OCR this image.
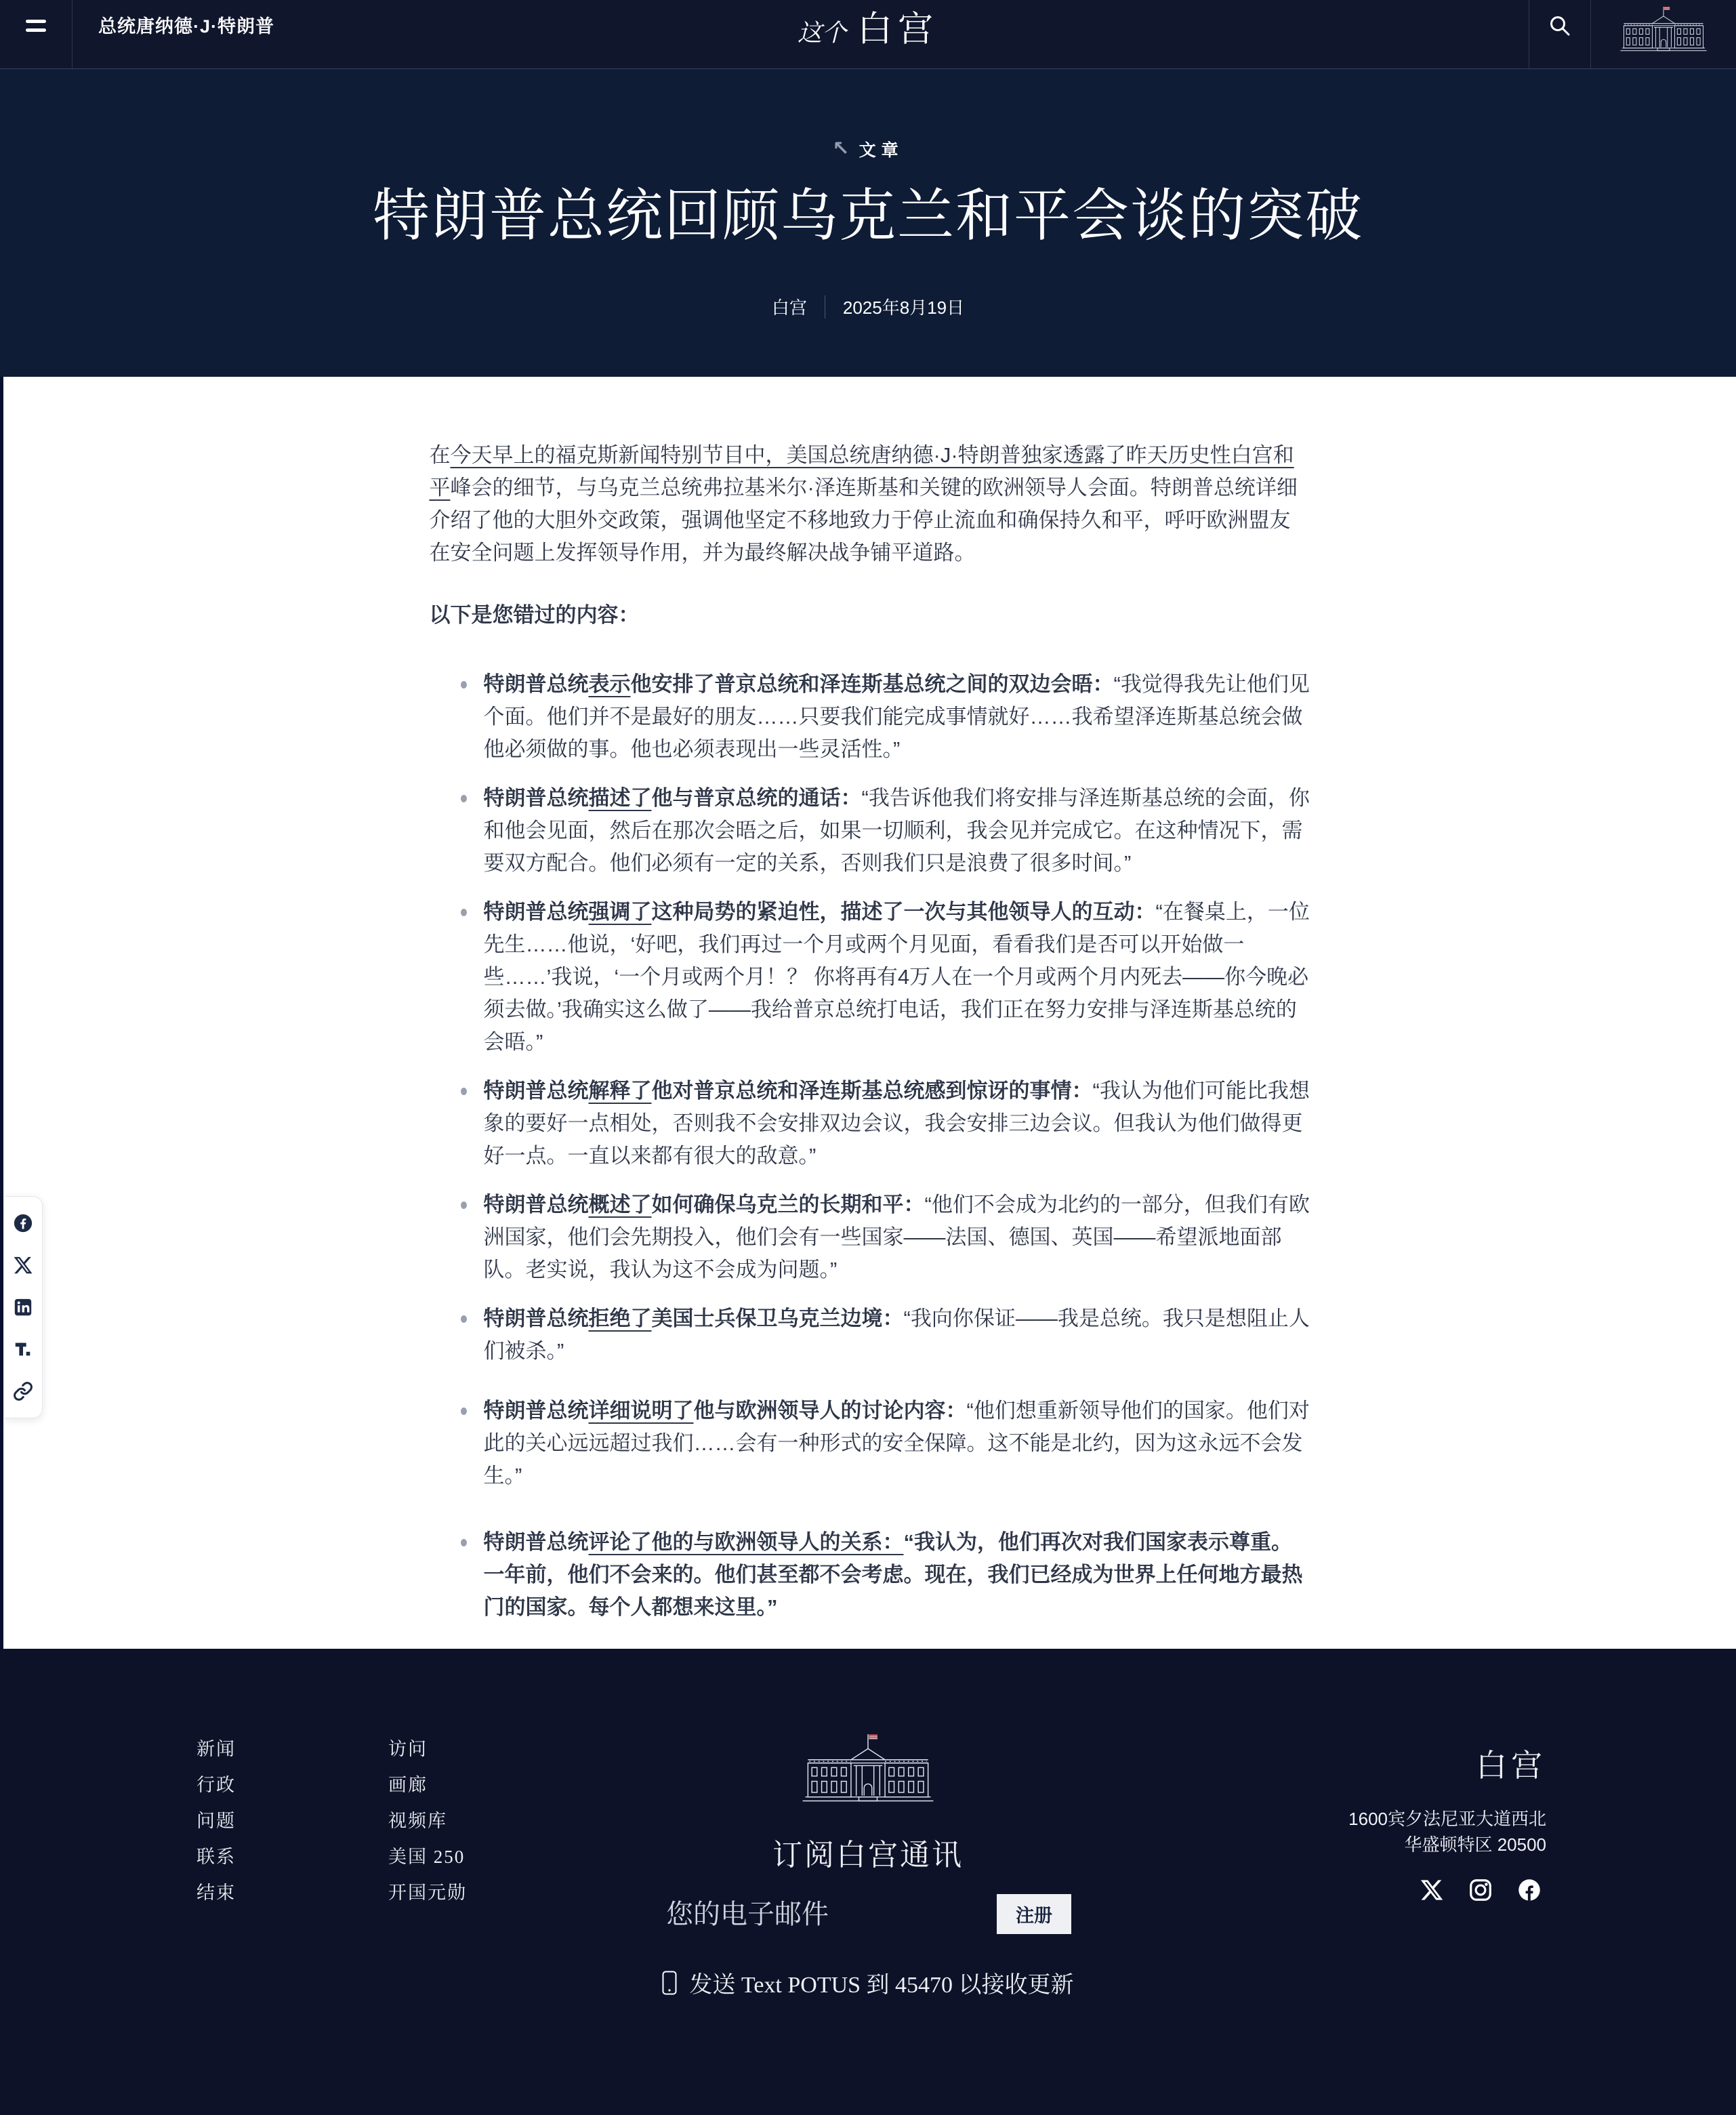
总统唐纳德·J·特朗普	这个 白宫
↖ 文章
特朗普总统回顾乌克兰和平会谈的突破
白宫 2025年8月19日

在今天早上的福克斯新闻特别节目中，美国总统唐纳德·J·特朗普独家透露了昨天历史性白宫和平峰会的细节，与乌克兰总统弗拉基米尔·泽连斯基和关键的欧洲领导人会面。特朗普总统详细介绍了他的大胆外交政策，强调他坚定不移地致力于停止流血和确保持久和平，呼吁欧洲盟友在安全问题上发挥领导作用，并为最终解决战争铺平道路。

以下是您错过的内容：

特朗普总统表示他安排了普京总统和泽连斯基总统之间的双边会晤：“我觉得我先让他们见个面。他们并不是最好的朋友……只要我们能完成事情就好……我希望泽连斯基总统会做他必须做的事。他也必须表现出一些灵活性。”
特朗普总统描述了他与普京总统的通话：“我告诉他我们将安排与泽连斯基总统的会面，你和他会见面，然后在那次会晤之后，如果一切顺利，我会见并完成它。在这种情况下，需要双方配合。他们必须有一定的关系，否则我们只是浪费了很多时间。”
特朗普总统强调了这种局势的紧迫性，描述了一次与其他领导人的互动：“在餐桌上，一位先生……他说，‘好吧，我们再过一个月或两个月见面，看看我们是否可以开始做一些……’我说，‘一个月或两个月！？ 你将再有4万人在一个月或两个月内死去——你今晚必须去做。’我确实这么做了——我给普京总统打电话，我们正在努力安排与泽连斯基总统的会晤。”
特朗普总统解释了他对普京总统和泽连斯基总统感到惊讶的事情：“我认为他们可能比我想象的要好一点相处，否则我不会安排双边会议，我会安排三边会议。但我认为他们做得更好一点。一直以来都有很大的敌意。”
特朗普总统概述了如何确保乌克兰的长期和平：“他们不会成为北约的一部分，但我们有欧洲国家，他们会先期投入，他们会有一些国家——法国、德国、英国——希望派地面部队。老实说，我认为这不会成为问题。”
特朗普总统拒绝了美国士兵保卫乌克兰边境：“我向你保证——我是总统。我只是想阻止人们被杀。”
特朗普总统详细说明了他与欧洲领导人的讨论内容：“他们想重新领导他们的国家。他们对此的关心远远超过我们……会有一种形式的安全保障。这不能是北约，因为这永远不会发生。”
特朗普总统评论了他的与欧洲领导人的关系：“我认为，他们再次对我们国家表示尊重。一年前，他们不会来的。他们甚至都不会考虑。现在，我们已经成为世界上任何地方最热门的国家。每个人都想来这里。”
新闻
行政
问题
联系
结束
访问
画廊
视频库
美国 250
开国元勋
订阅白宫通讯
您的电子邮件
注册
白宫
1600宾夕法尼亚大道西北
华盛顿特区 20500
发送 Text POTUS 到 45470 以接收更新
